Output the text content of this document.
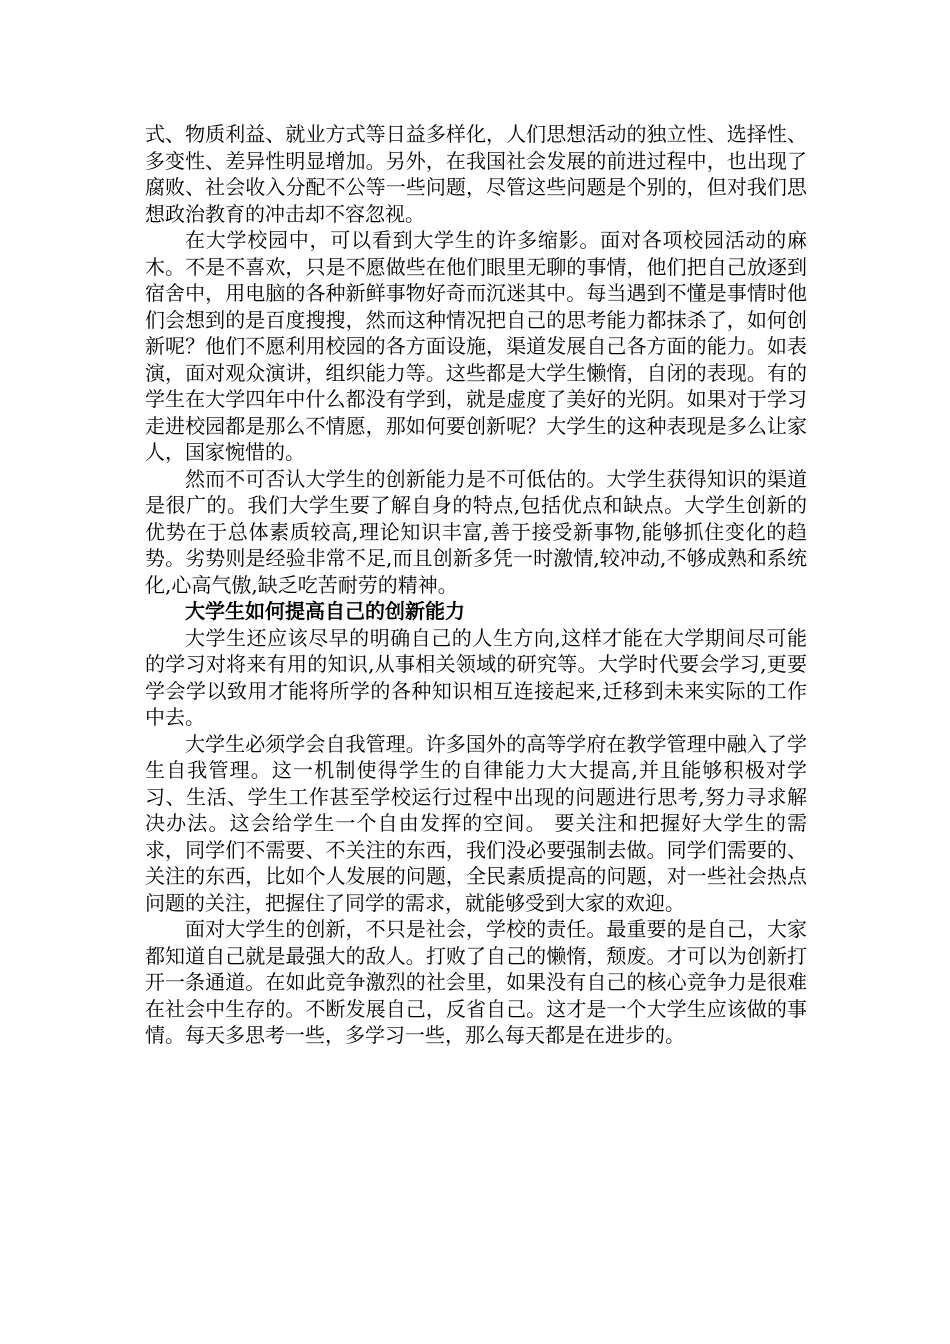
式、物质利益、就业方式等日益多样化，人们思想活动的独立性、选择性、多变性、差异性明显增加。另外，在我国社会发展的前进过程中，也出现了腐败、社会收入分配不公等一些问题，尽管这些问题是个别的，但对我们思想政治教育的冲击却不容忽视。

在大学校园中，可以看到大学生的许多缩影。面对各项校园活动的麻木。不是不喜欢，只是不愿做些在他们眼里无聊的事情，他们把自己放逐到宿舍中，用电脑的各种新鲜事物好奇而沉迷其中。每当遇到不懂是事情时他们会想到的是百度搜搜，然而这种情况把自己的思考能力都抹杀了，如何创新呢？他们不愿利用校园的各方面设施，渠道发展自己各方面的能力。如表演，面对观众演讲，组织能力等。这些都是大学生懒惰，自闭的表现。有的学生在大学四年中什么都没有学到，就是虚度了美好的光阴。如果对于学习走进校园都是那么不情愿，那如何要创新呢？大学生的这种表现是多么让家人，国家惋惜的。

然而不可否认大学生的创新能力是不可低估的。大学生获得知识的渠道是很广的。我们大学生要了解自身的特点,包括优点和缺点。大学生创新的优势在于总体素质较高,理论知识丰富,善于接受新事物,能够抓住变化的趋势。劣势则是经验非常不足,而且创新多凭一时激情,较冲动,不够成熟和系统化,心高气傲,缺乏吃苦耐劳的精神。

大学生如何提高自己的创新能力

大学生还应该尽早的明确自己的人生方向,这样才能在大学期间尽可能的学习对将来有用的知识,从事相关领域的研究等。大学时代要会学习,更要学会学以致用才能将所学的各种知识相互连接起来,迁移到未来实际的工作中去。

大学生必须学会自我管理。许多国外的高等学府在教学管理中融入了学生自我管理。这一机制使得学生的自律能力大大提高,并且能够积极对学习、生活、学生工作甚至学校运行过程中出现的问题进行思考,努力寻求解决办法。这会给学生一个自由发挥的空间。 要关注和把握好大学生的需求，同学们不需要、不关注的东西，我们没必要强制去做。同学们需要的、关注的东西，比如个人发展的问题，全民素质提高的问题，对一些社会热点问题的关注，把握住了同学的需求，就能够受到大家的欢迎。

面对大学生的创新，不只是社会，学校的责任。最重要的是自己，大家都知道自己就是最强大的敌人。打败了自己的懒惰，颓废。才可以为创新打开一条通道。在如此竞争激烈的社会里，如果没有自己的核心竞争力是很难在社会中生存的。不断发展自己，反省自己。这才是一个大学生应该做的事情。每天多思考一些，多学习一些，那么每天都是在进步的。
